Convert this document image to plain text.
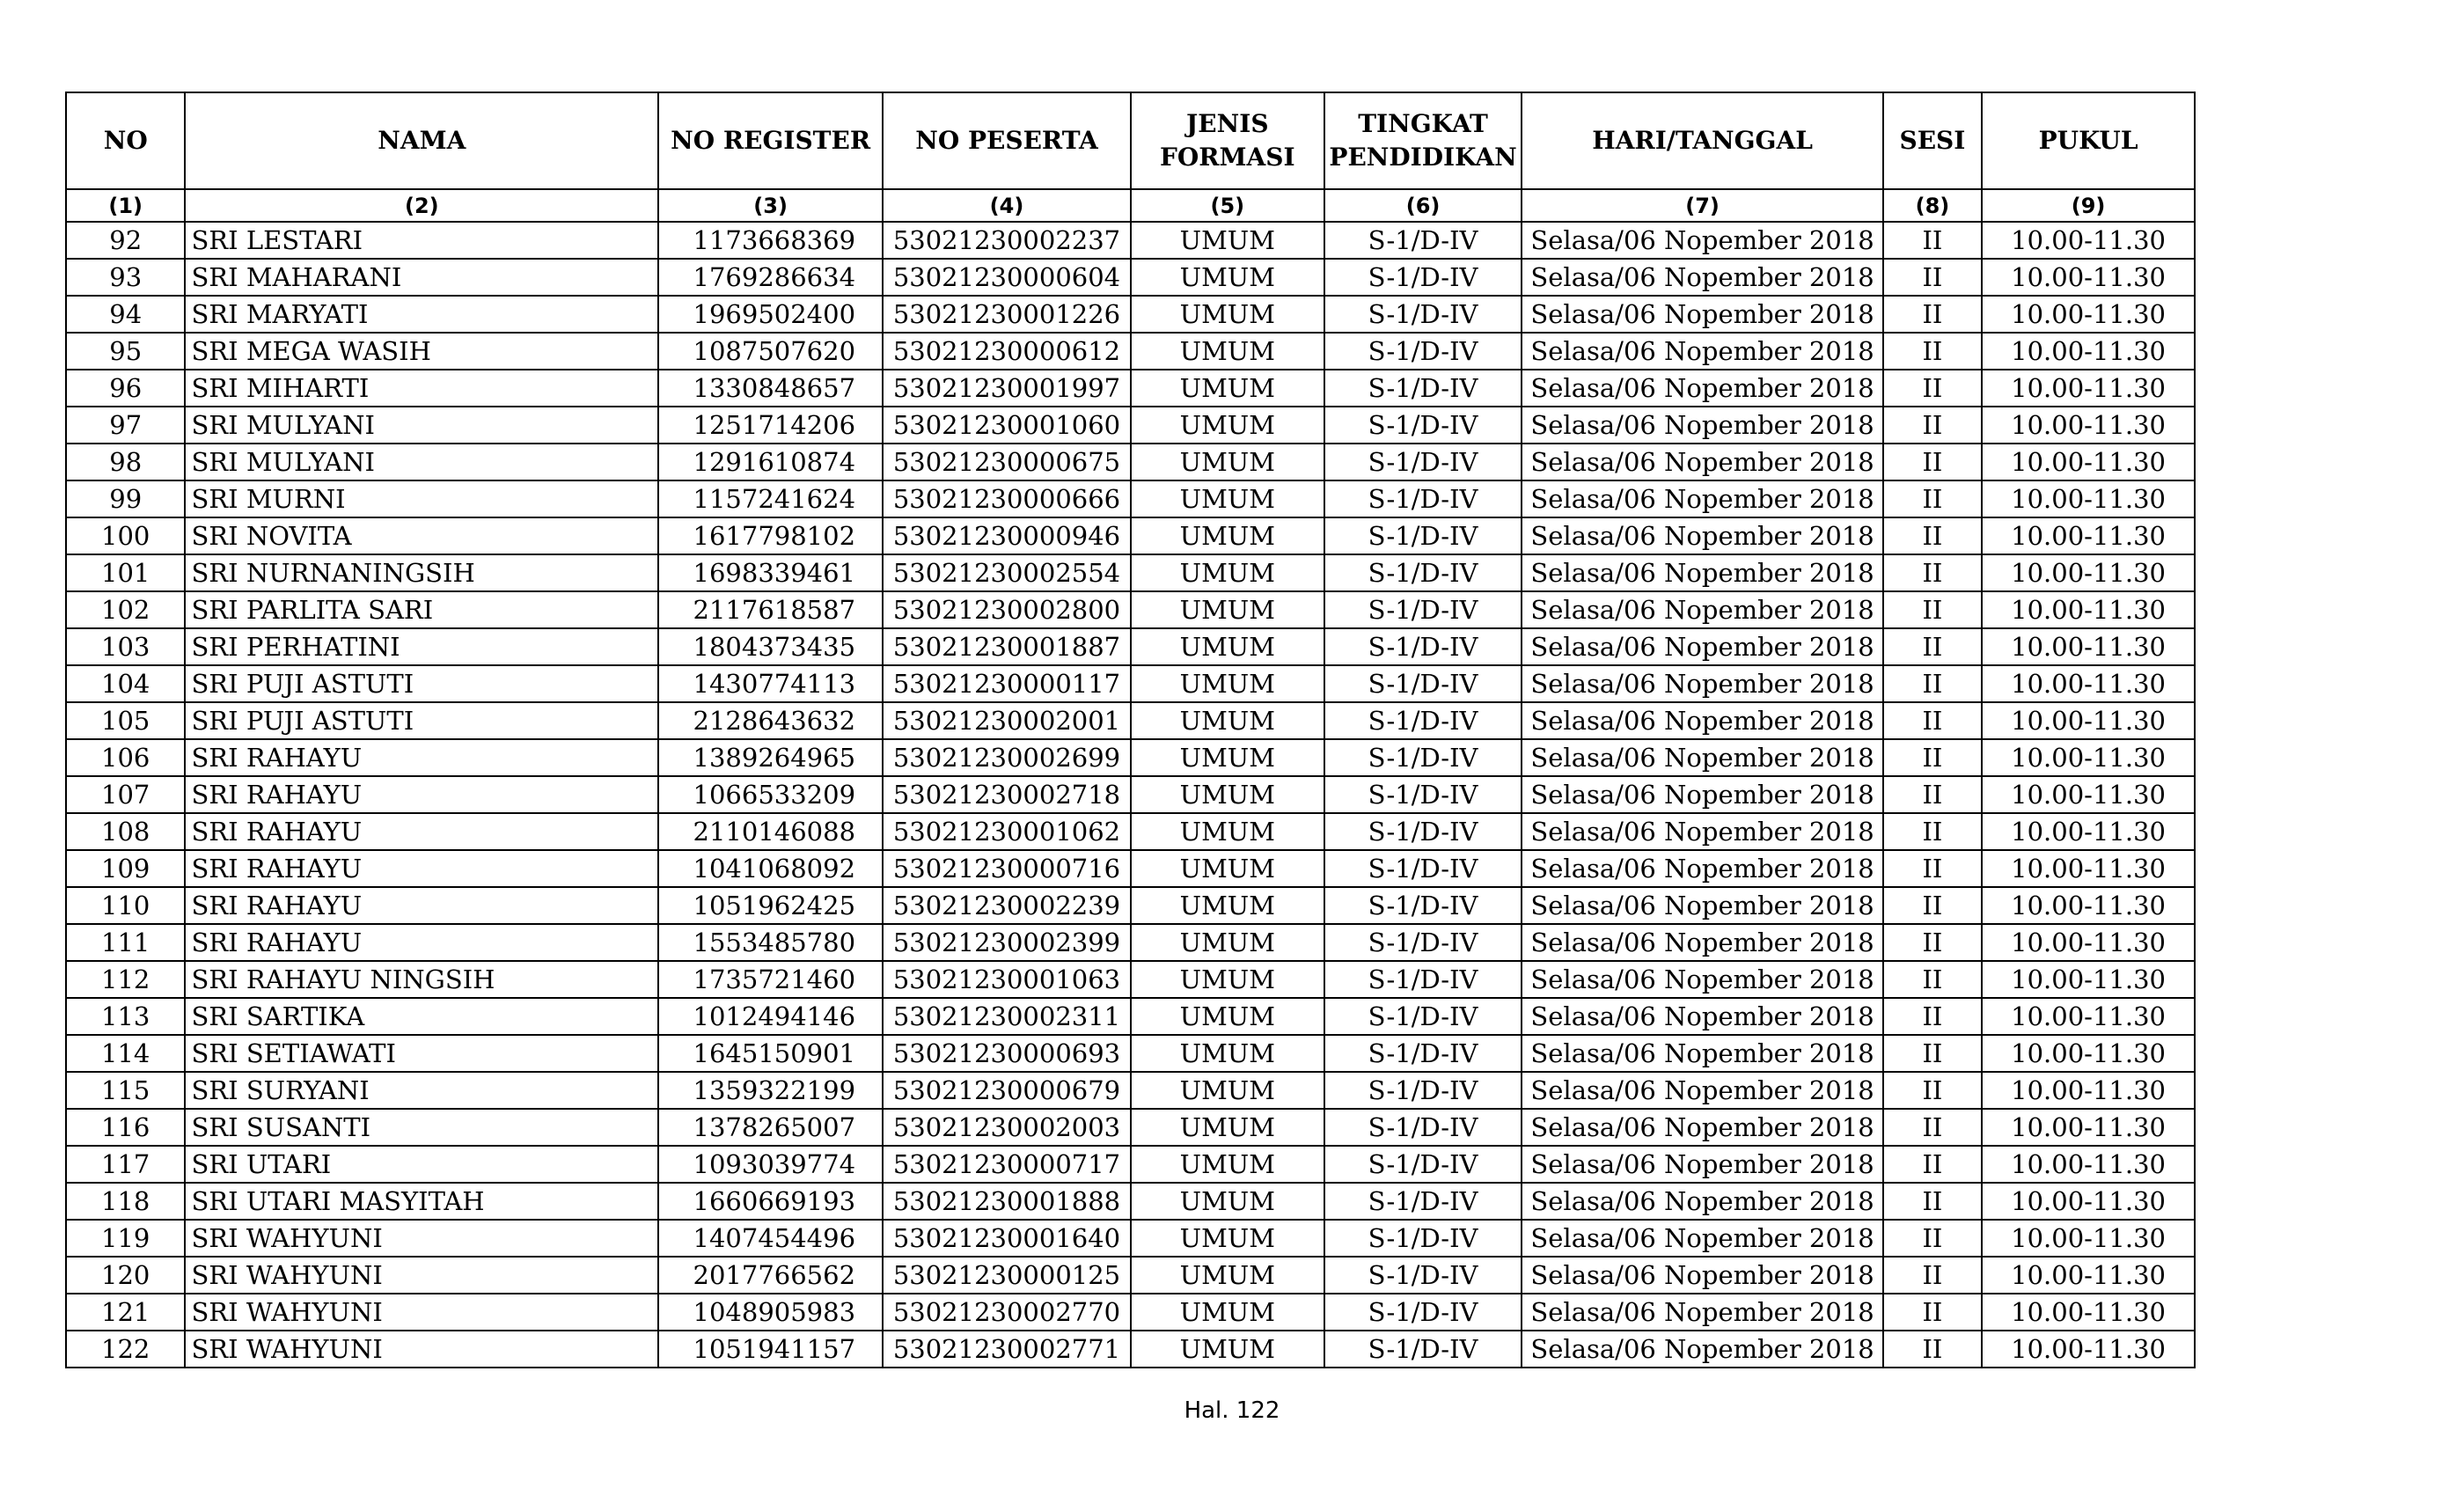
NO	NAMA	NO REGISTER	NO PESERTA	JENIS FORMASI	TINGKAT PENDIDIKAN	HARI/TANGGAL	SESI	PUKUL
(1)	(2)	(3)	(4)	(5)	(6)	(7)	(8)	(9)
92	SRI LESTARI	1173668369	53021230002237	UMUM	S-1/D-IV	Selasa/06 Nopember 2018	II	10.00-11.30
93	SRI MAHARANI	1769286634	53021230000604	UMUM	S-1/D-IV	Selasa/06 Nopember 2018	II	10.00-11.30
94	SRI MARYATI	1969502400	53021230001226	UMUM	S-1/D-IV	Selasa/06 Nopember 2018	II	10.00-11.30
95	SRI MEGA WASIH	1087507620	53021230000612	UMUM	S-1/D-IV	Selasa/06 Nopember 2018	II	10.00-11.30
96	SRI MIHARTI	1330848657	53021230001997	UMUM	S-1/D-IV	Selasa/06 Nopember 2018	II	10.00-11.30
97	SRI MULYANI	1251714206	53021230001060	UMUM	S-1/D-IV	Selasa/06 Nopember 2018	II	10.00-11.30
98	SRI MULYANI	1291610874	53021230000675	UMUM	S-1/D-IV	Selasa/06 Nopember 2018	II	10.00-11.30
99	SRI MURNI	1157241624	53021230000666	UMUM	S-1/D-IV	Selasa/06 Nopember 2018	II	10.00-11.30
100	SRI NOVITA	1617798102	53021230000946	UMUM	S-1/D-IV	Selasa/06 Nopember 2018	II	10.00-11.30
101	SRI NURNANINGSIH	1698339461	53021230002554	UMUM	S-1/D-IV	Selasa/06 Nopember 2018	II	10.00-11.30
102	SRI PARLITA SARI	2117618587	53021230002800	UMUM	S-1/D-IV	Selasa/06 Nopember 2018	II	10.00-11.30
103	SRI PERHATINI	1804373435	53021230001887	UMUM	S-1/D-IV	Selasa/06 Nopember 2018	II	10.00-11.30
104	SRI PUJI ASTUTI	1430774113	53021230000117	UMUM	S-1/D-IV	Selasa/06 Nopember 2018	II	10.00-11.30
105	SRI PUJI ASTUTI	2128643632	53021230002001	UMUM	S-1/D-IV	Selasa/06 Nopember 2018	II	10.00-11.30
106	SRI RAHAYU	1389264965	53021230002699	UMUM	S-1/D-IV	Selasa/06 Nopember 2018	II	10.00-11.30
107	SRI RAHAYU	1066533209	53021230002718	UMUM	S-1/D-IV	Selasa/06 Nopember 2018	II	10.00-11.30
108	SRI RAHAYU	2110146088	53021230001062	UMUM	S-1/D-IV	Selasa/06 Nopember 2018	II	10.00-11.30
109	SRI RAHAYU	1041068092	53021230000716	UMUM	S-1/D-IV	Selasa/06 Nopember 2018	II	10.00-11.30
110	SRI RAHAYU	1051962425	53021230002239	UMUM	S-1/D-IV	Selasa/06 Nopember 2018	II	10.00-11.30
111	SRI RAHAYU	1553485780	53021230002399	UMUM	S-1/D-IV	Selasa/06 Nopember 2018	II	10.00-11.30
112	SRI RAHAYU NINGSIH	1735721460	53021230001063	UMUM	S-1/D-IV	Selasa/06 Nopember 2018	II	10.00-11.30
113	SRI SARTIKA	1012494146	53021230002311	UMUM	S-1/D-IV	Selasa/06 Nopember 2018	II	10.00-11.30
114	SRI SETIAWATI	1645150901	53021230000693	UMUM	S-1/D-IV	Selasa/06 Nopember 2018	II	10.00-11.30
115	SRI SURYANI	1359322199	53021230000679	UMUM	S-1/D-IV	Selasa/06 Nopember 2018	II	10.00-11.30
116	SRI SUSANTI	1378265007	53021230002003	UMUM	S-1/D-IV	Selasa/06 Nopember 2018	II	10.00-11.30
117	SRI UTARI	1093039774	53021230000717	UMUM	S-1/D-IV	Selasa/06 Nopember 2018	II	10.00-11.30
118	SRI UTARI MASYITAH	1660669193	53021230001888	UMUM	S-1/D-IV	Selasa/06 Nopember 2018	II	10.00-11.30
119	SRI WAHYUNI	1407454496	53021230001640	UMUM	S-1/D-IV	Selasa/06 Nopember 2018	II	10.00-11.30
120	SRI WAHYUNI	2017766562	53021230000125	UMUM	S-1/D-IV	Selasa/06 Nopember 2018	II	10.00-11.30
121	SRI WAHYUNI	1048905983	53021230002770	UMUM	S-1/D-IV	Selasa/06 Nopember 2018	II	10.00-11.30
122	SRI WAHYUNI	1051941157	53021230002771	UMUM	S-1/D-IV	Selasa/06 Nopember 2018	II	10.00-11.30
Hal. 122
